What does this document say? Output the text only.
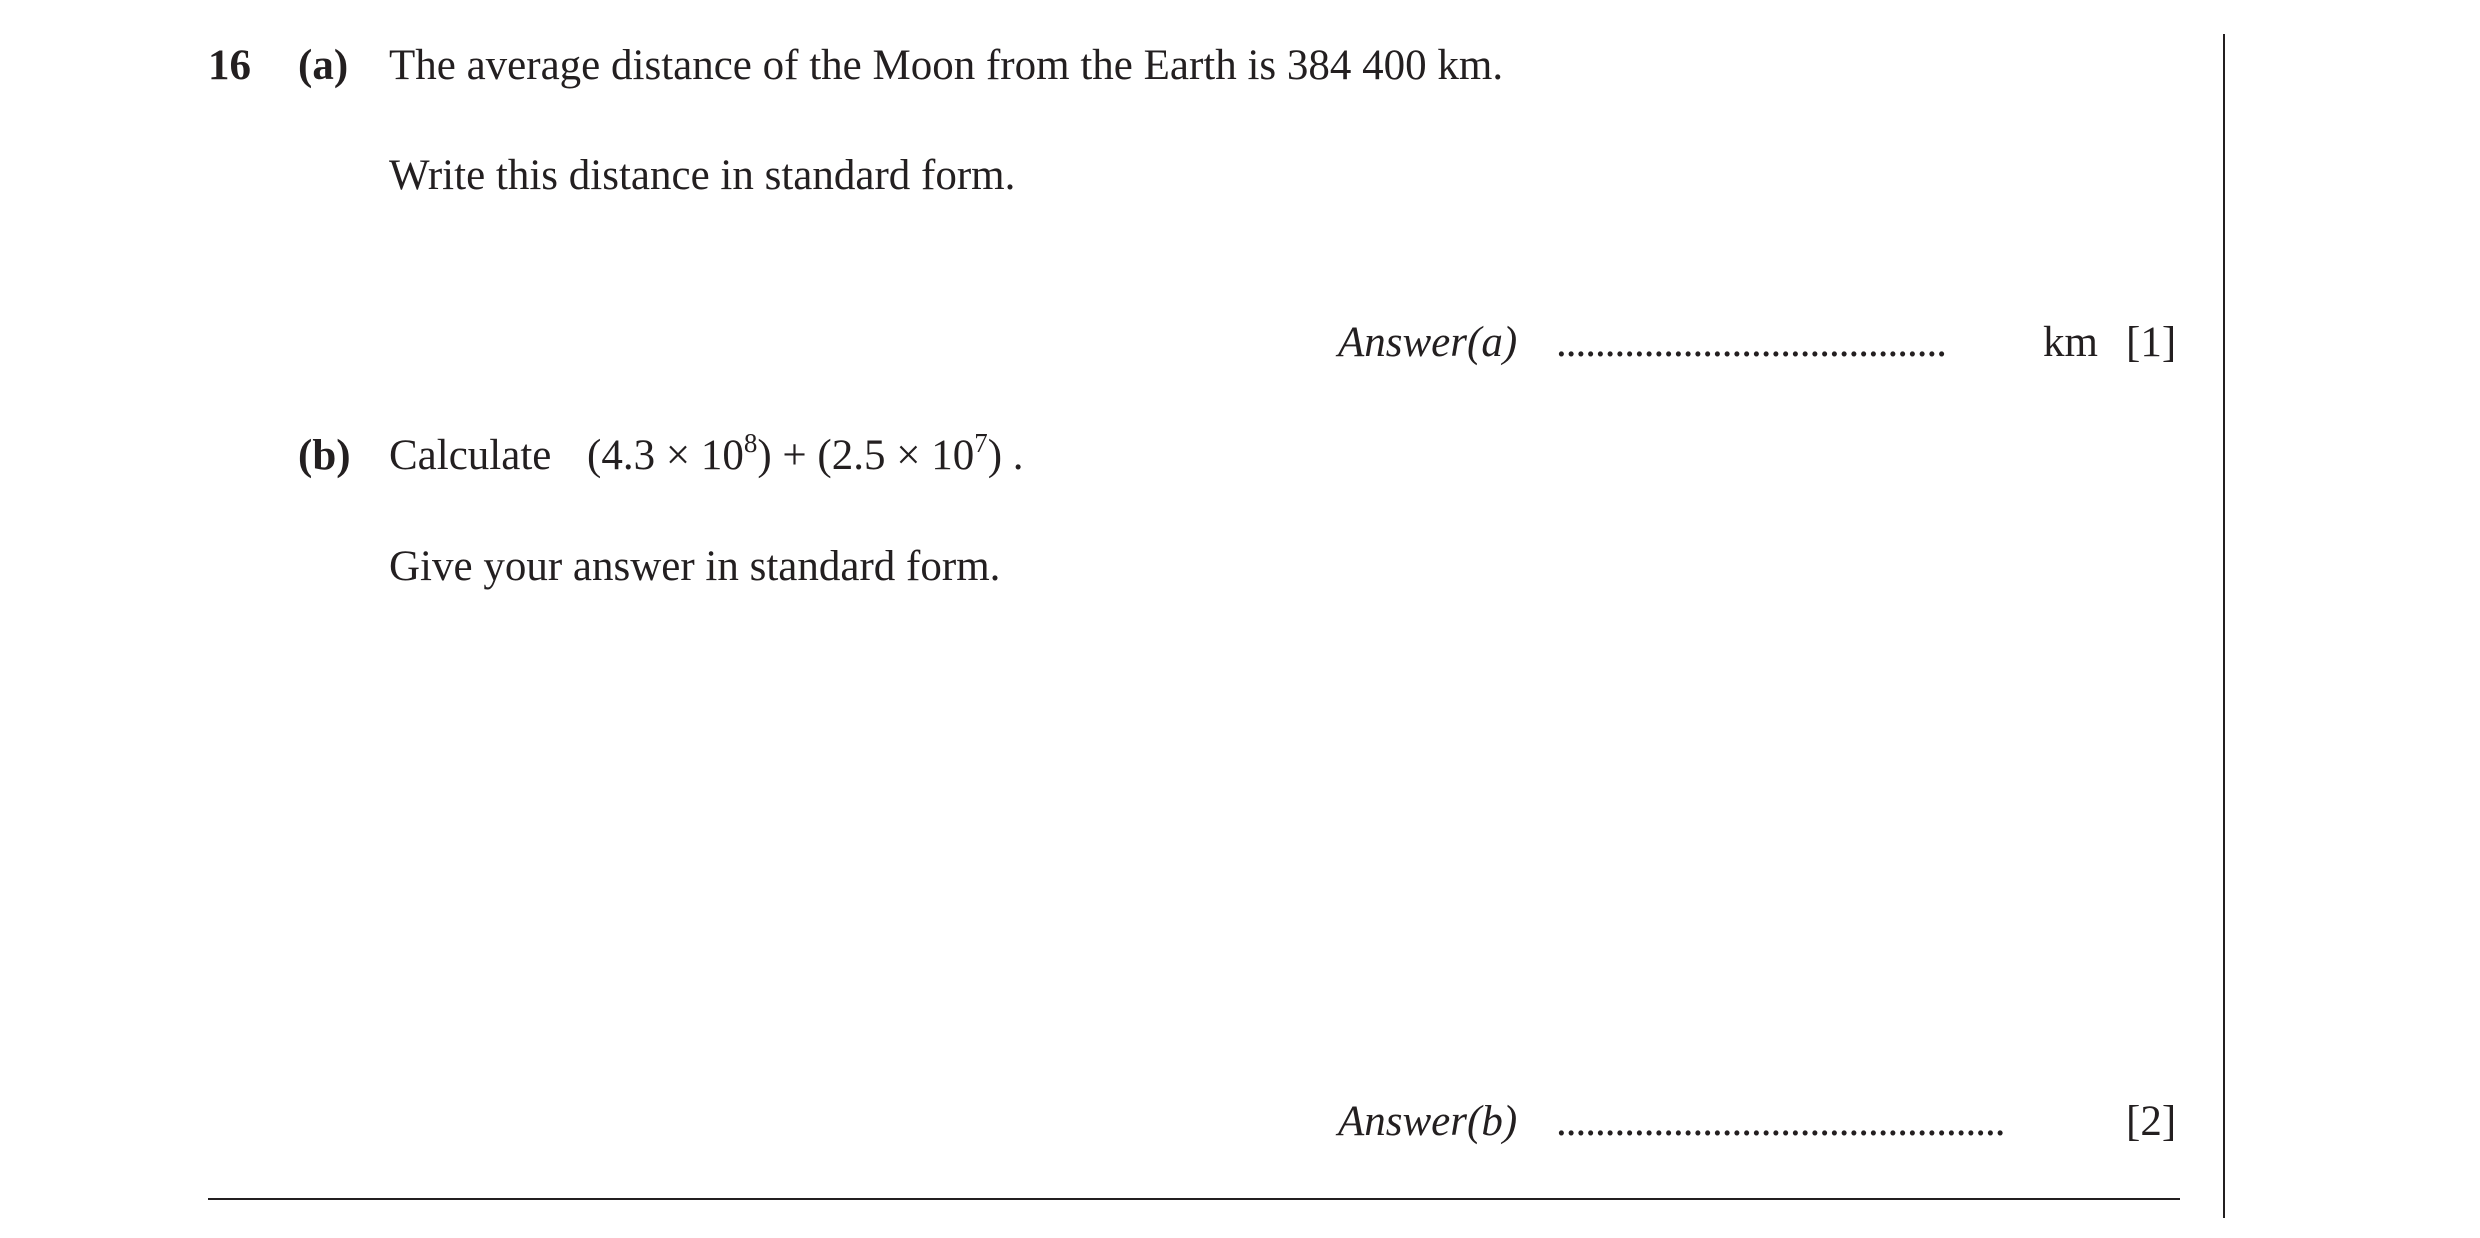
16 (a) The average distance of the Moon from the Earth is 384 400 km.
Write this distance in standard form.
Answer(a) ........................................ km [1]
(b) Calculate $(4.3 \times 10^8) + (2.5 \times 10^7)$ .
Give your answer in standard form.
Answer(b) ..............................................	[2]
